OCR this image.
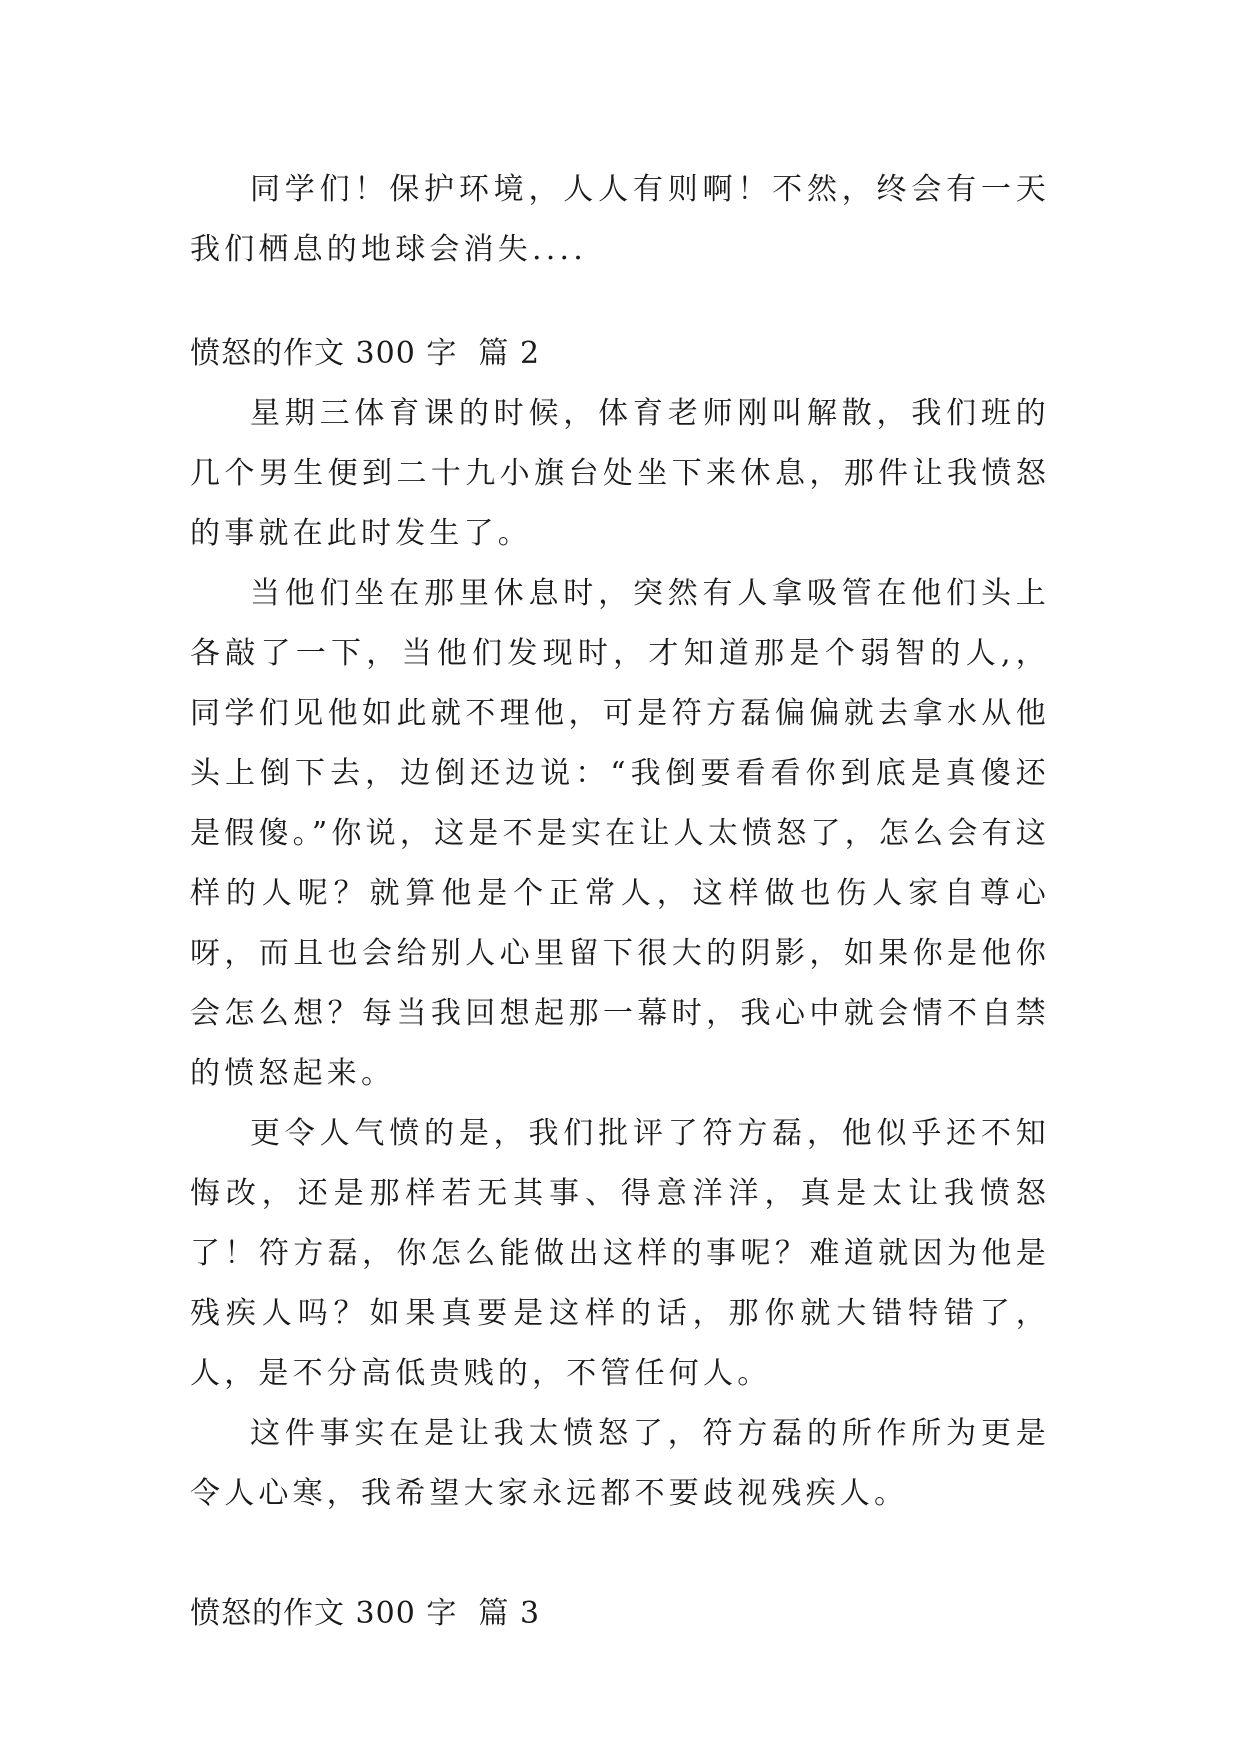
同学们！保护环境，人人有则啊！不然，终会有一天我们栖息的地球会消失....

愤怒的作文 300 字  篇 2

星期三体育课的时候，体育老师刚叫解散，我们班的几个男生便到二十九小旗台处坐下来休息，那件让我愤怒的事就在此时发生了。

当他们坐在那里休息时，突然有人拿吸管在他们头上各敲了一下，当他们发现时，才知道那是个弱智的人,，同学们见他如此就不理他，可是符方磊偏偏就去拿水从他头上倒下去，边倒还边说：“我倒要看看你到底是真傻还是假傻。”你说，这是不是实在让人太愤怒了，怎么会有这样的人呢？就算他是个正常人，这样做也伤人家自尊心呀，而且也会给别人心里留下很大的阴影，如果你是他你会怎么想？每当我回想起那一幕时，我心中就会情不自禁的愤怒起来。

更令人气愤的是，我们批评了符方磊，他似乎还不知悔改，还是那样若无其事、得意洋洋，真是太让我愤怒了！符方磊，你怎么能做出这样的事呢？难道就因为他是残疾人吗？如果真要是这样的话，那你就大错特错了，人，是不分高低贵贱的，不管任何人。

这件事实在是让我太愤怒了，符方磊的所作所为更是令人心寒，我希望大家永远都不要歧视残疾人。

愤怒的作文 300 字  篇 3
